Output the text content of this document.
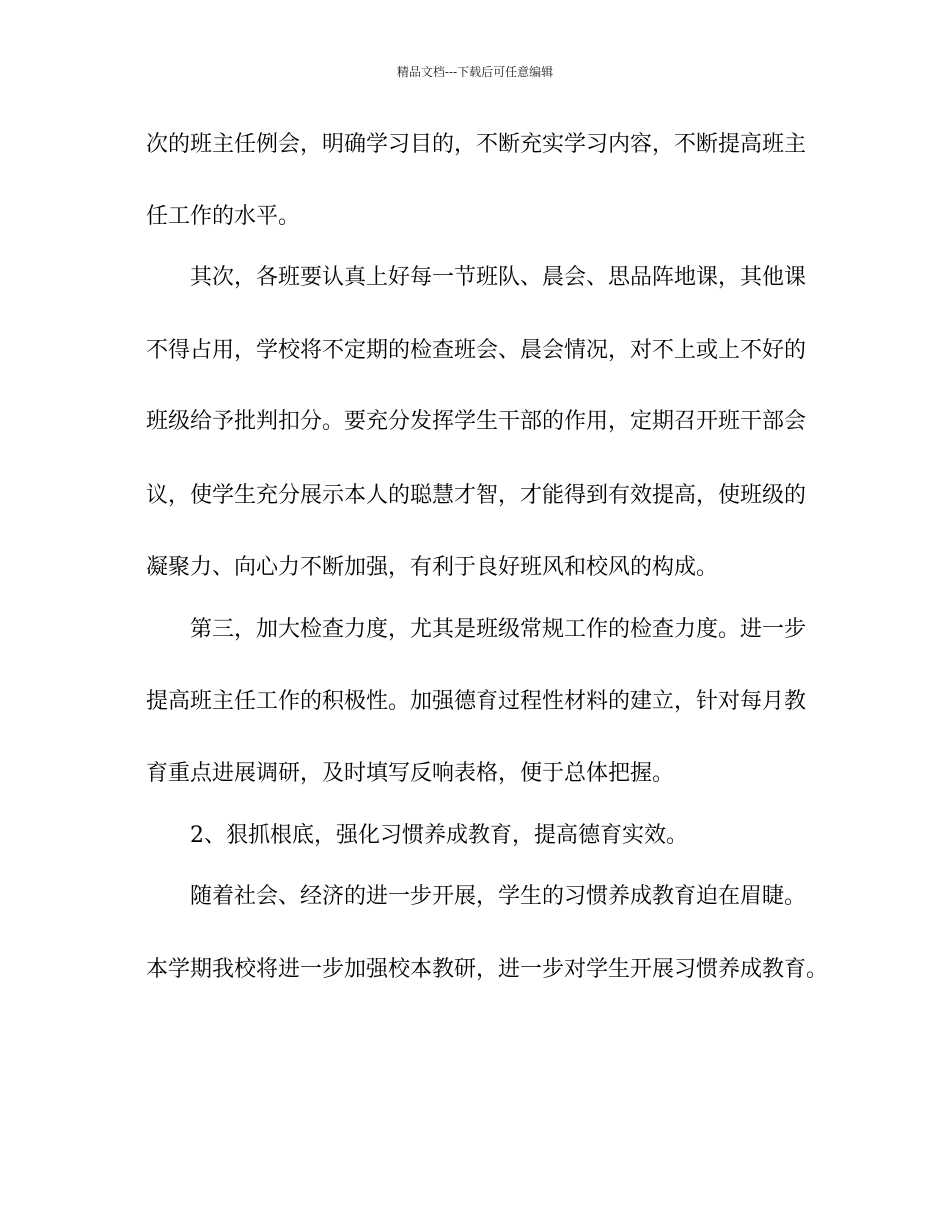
精品文档---下载后可任意编辑
次的班主任例会，明确学习目的，不断充实学习内容，不断提高班主
任工作的水平。
其次，各班要认真上好每一节班队、晨会、思品阵地课，其他课
不得占用，学校将不定期的检查班会、晨会情况，对不上或上不好的
班级给予批判扣分。要充分发挥学生干部的作用，定期召开班干部会
议，使学生充分展示本人的聪慧才智，才能得到有效提高，使班级的
凝聚力、向心力不断加强，有利于良好班风和校风的构成。
第三，加大检查力度，尤其是班级常规工作的检查力度。进一步
提高班主任工作的积极性。加强德育过程性材料的建立，针对每月教
育重点进展调研，及时填写反响表格，便于总体把握。
2、狠抓根底，强化习惯养成教育，提高德育实效。
随着社会、经济的进一步开展，学生的习惯养成教育迫在眉睫。
本学期我校将进一步加强校本教研，进一步对学生开展习惯养成教育。
